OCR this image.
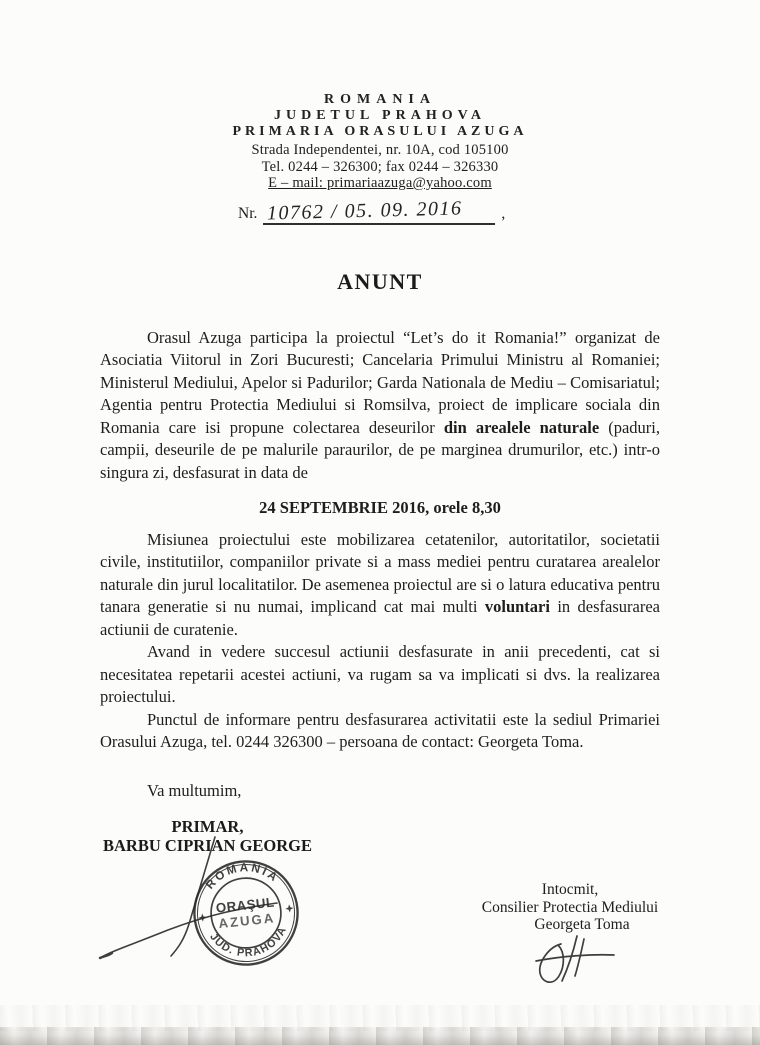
ROMANIA
JUDETUL PRAHOVA
PRIMARIA ORASULUI AZUGA
Strada Independentei, nr. 10A, cod 105100
Tel. 0244 – 326300; fax 0244 – 326330
E – mail: primariaazuga@yahoo.com
Nr. 10762 / 05. 09. 2016	,
ANUNT

Orasul Azuga participa la proiectul “Let’s do it Romania!” organizat de Asociatia Viitorul in Zori Bucuresti; Cancelaria Primului Ministru al Romaniei; Ministerul Mediului, Apelor si Padurilor; Garda Nationala de Mediu – Comisariatul; Agentia pentru Protectia Mediului si Romsilva, proiect de implicare sociala din Romania care isi propune colectarea deseurilor din arealele naturale (paduri, campii, deseurile de pe malurile paraurilor, de pe marginea drumurilor, etc.) intr-o singura zi, desfasurat in data de

24 SEPTEMBRIE 2016, orele 8,30

Misiunea proiectului este mobilizarea cetatenilor, autoritatilor, societatii civile, institutiilor, companiilor private si a mass mediei pentru curatarea arealelor naturale din jurul localitatilor. De asemenea proiectul are si o latura educativa pentru tanara generatie si nu numai, implicand cat mai multi voluntari in desfasurarea actiunii de curatenie.

Avand in vedere succesul actiunii desfasurate in anii precedenti, cat si necesitatea repetarii acestei actiuni, va rugam sa va implicati si dvs. la realizarea proiectului.

Punctul de informare pentru desfasurarea activitatii este la sediul Primariei Orasului Azuga, tel. 0244 326300 – persoana de contact: Georgeta Toma.

Va multumim,
PRIMAR,
BARBU CIPRIAN GEORGE
ROMANIA
JUD. PRAHOVA
ORAŞUL
AZUGA
Intocmit,
Consilier Protectia Mediului
Georgeta Toma
